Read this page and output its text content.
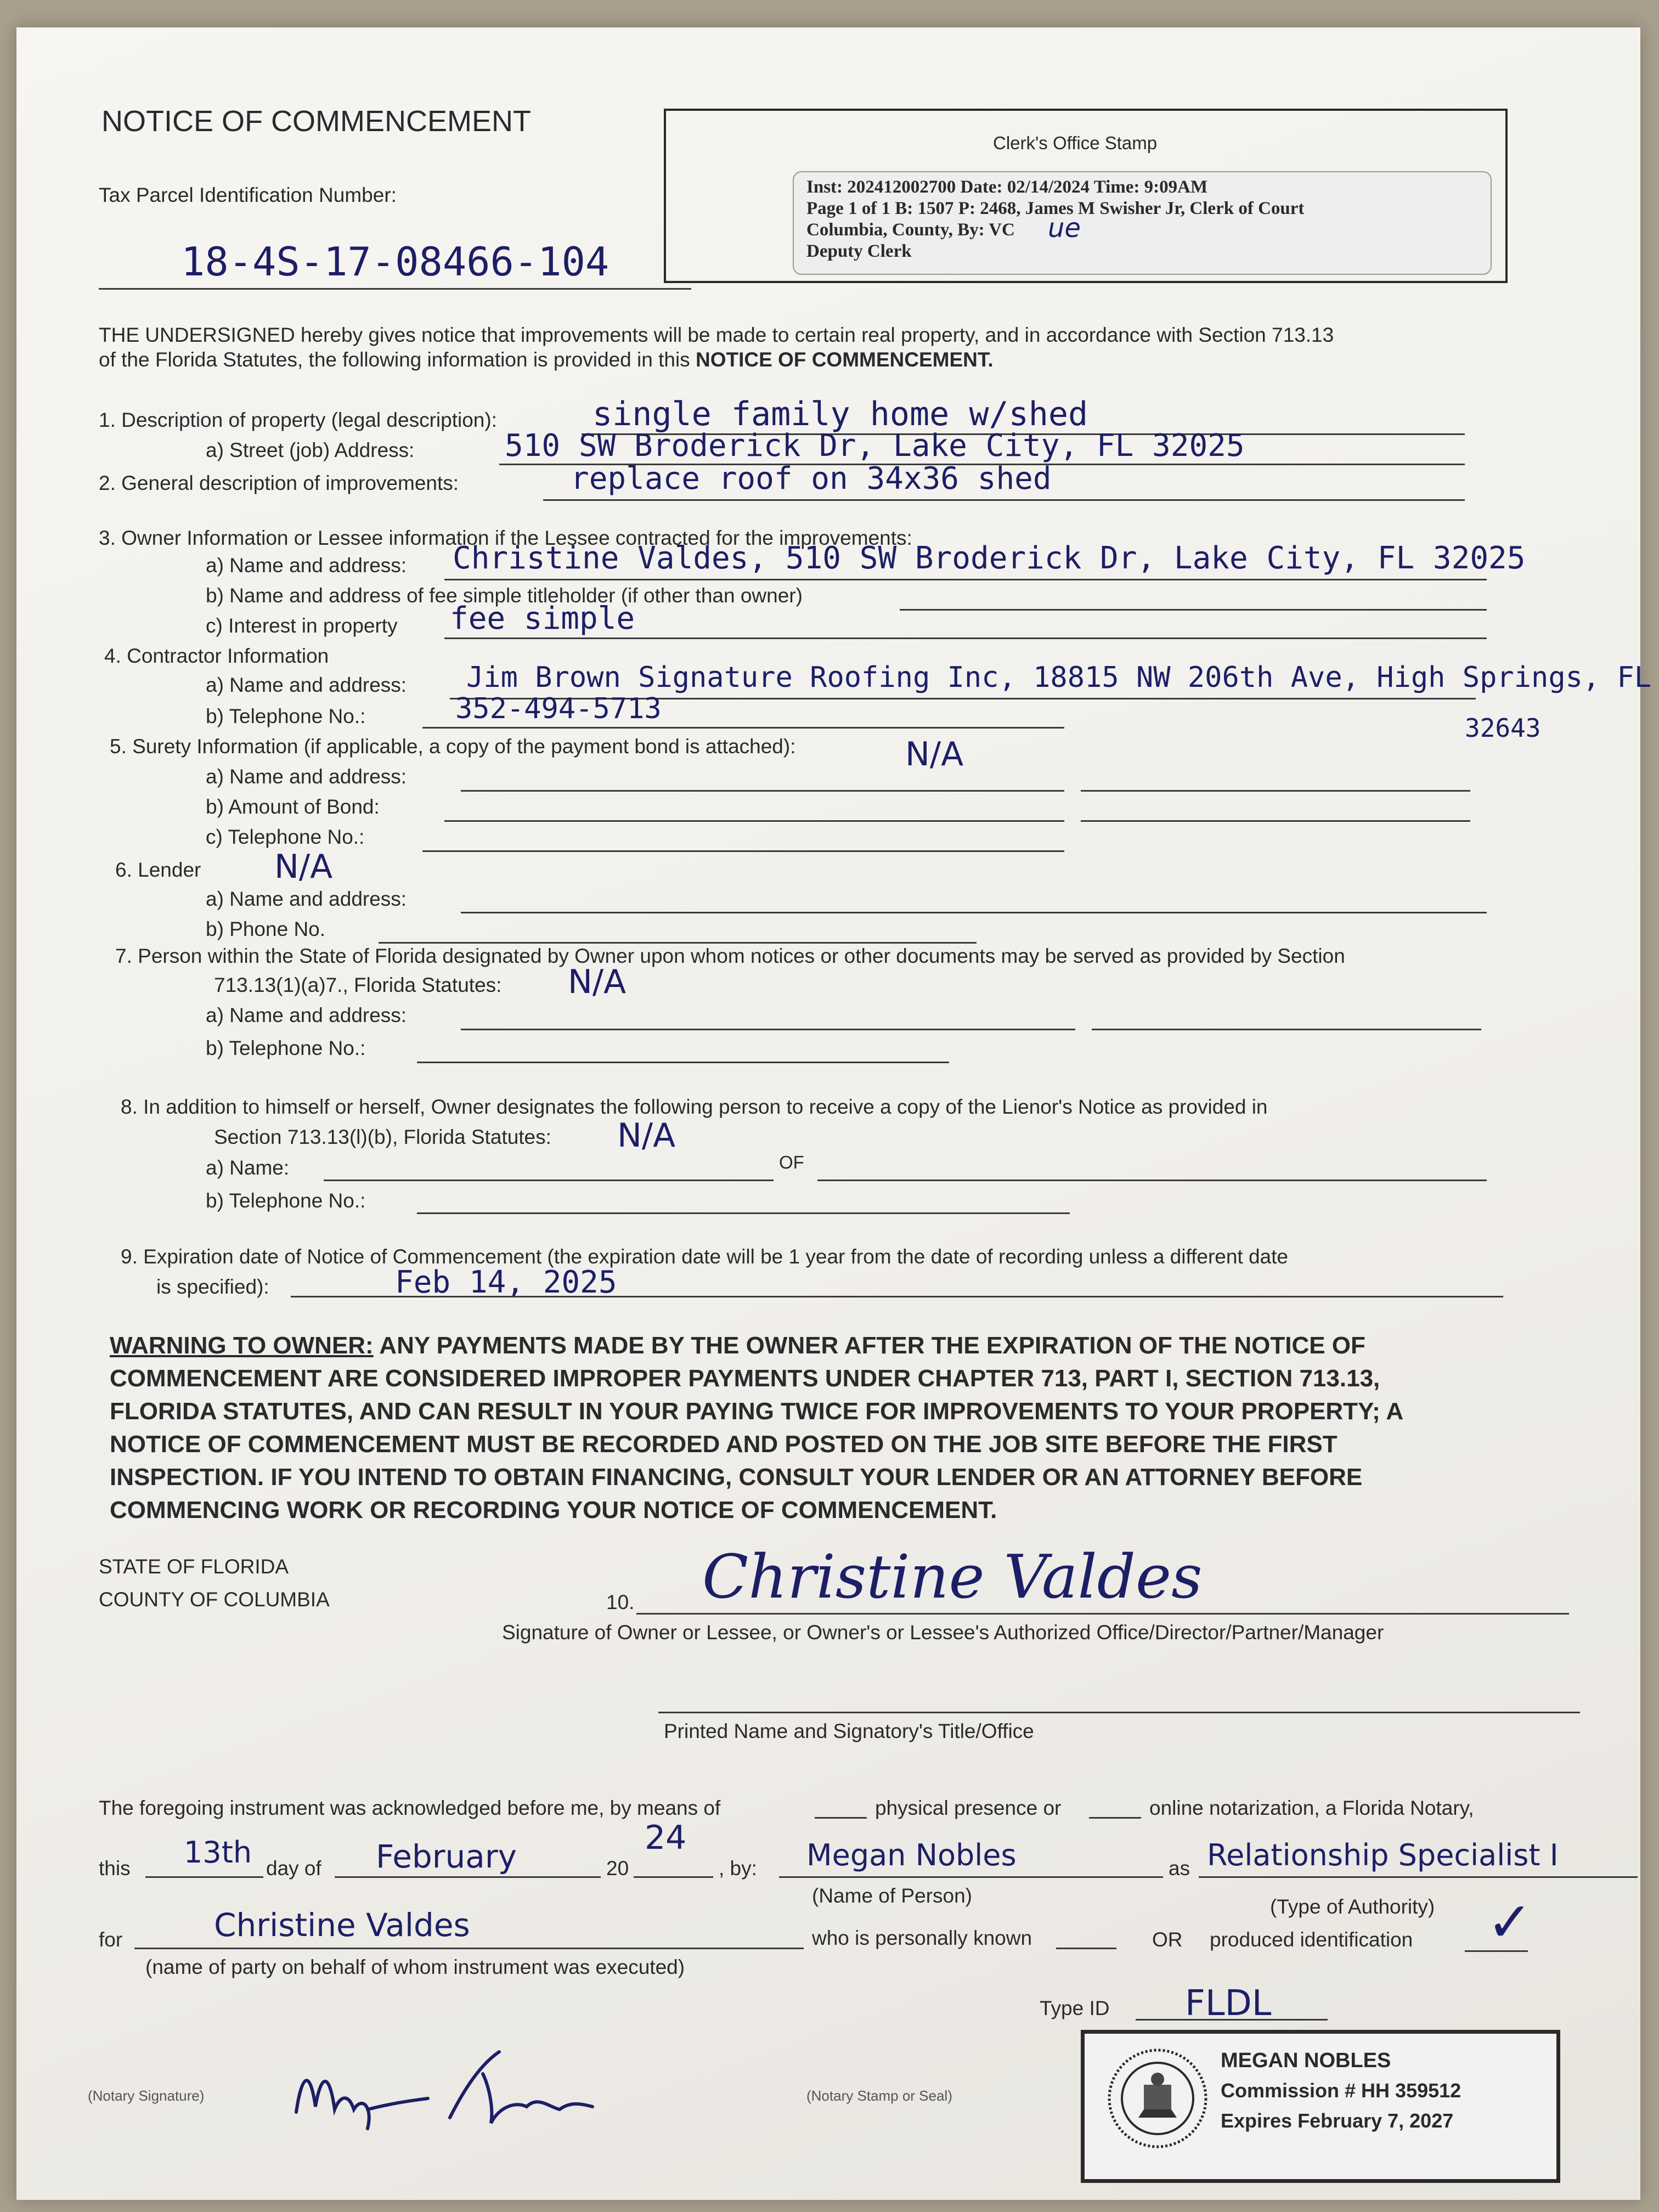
NOTICE OF COMMENCEMENT
Tax Parcel Identification Number:
18-4S-17-08466-104
Clerk's Office Stamp
Inst: 202412002700 Date: 02/14/2024 Time: 9:09AM
Page 1 of 1 B: 1507 P: 2468, James M Swisher Jr, Clerk of Court
Columbia, County, By: VC ue
Deputy Clerk
THE UNDERSIGNED hereby gives notice that improvements will be made to certain real property, and in accordance with Section 713.13
of the Florida Statutes, the following information is provided in this NOTICE OF COMMENCEMENT.
1. Description of property (legal description):	single family home w/shed
a) Street (job) Address:	510 SW Broderick Dr, Lake City, FL 32025
2. General description of improvements:	replace roof on 34x36 shed
3. Owner Information or Lessee information if the Lessee contracted for the improvements:
a) Name and address: Christine Valdes, 510 SW Broderick Dr, Lake City, FL 32025
b) Name and address of fee simple titleholder (if other than owner)
c) Interest in property fee simple
4. Contractor Information
a) Name and address: Jim Brown Signature Roofing Inc, 18815 NW 206th Ave, High Springs, FL
32643
b) Telephone No.:	352-494-5713
5. Surety Information (if applicable, a copy of the payment bond is attached):	N/A
a) Name and address:
b) Amount of Bond:
c) Telephone No.:
6. Lender N/A
a) Name and address:
b) Phone No.
7. Person within the State of Florida designated by Owner upon whom notices or other documents may be served as provided by Section
713.13(1)(a)7., Florida Statutes: N/A
a) Name and address:
b) Telephone No.:
8. In addition to himself or herself, Owner designates the following person to receive a copy of the Lienor's Notice as provided in
Section 713.13(l)(b), Florida Statutes: N/A
a) Name:	OF
b) Telephone No.:
9. Expiration date of Notice of Commencement (the expiration date will be 1 year from the date of recording unless a different date
is specified):	Feb 14, 2025
WARNING TO OWNER: ANY PAYMENTS MADE BY THE OWNER AFTER THE EXPIRATION OF THE NOTICE OF
COMMENCEMENT ARE CONSIDERED IMPROPER PAYMENTS UNDER CHAPTER 713, PART I, SECTION 713.13,
FLORIDA STATUTES, AND CAN RESULT IN YOUR PAYING TWICE FOR IMPROVEMENTS TO YOUR PROPERTY; A
NOTICE OF COMMENCEMENT MUST BE RECORDED AND POSTED ON THE JOB SITE BEFORE THE FIRST
INSPECTION. IF YOU INTEND TO OBTAIN FINANCING, CONSULT YOUR LENDER OR AN ATTORNEY BEFORE
COMMENCING WORK OR RECORDING YOUR NOTICE OF COMMENCEMENT.
STATE OF FLORIDA
COUNTY OF COLUMBIA	10. Christine Valdes
Signature of Owner or Lessee, or Owner's or Lessee's Authorized Office/Director/Partner/Manager
Printed Name and Signatory's Title/Office
The foregoing instrument was acknowledged before me, by means of	physical presence or	online notarization, a Florida Notary,
this 13th day of February	20
24
, by: Megan Nobles
(Name of Person)
as Relationship Specialist I
(Type of Authority)
for	Christine Valdes
(name of party on behalf of whom instrument was executed)
who is personally known	OR produced identification ✓
Type ID FLDL
(Notary Signature)	(Notary Stamp or Seal)
MEGAN NOBLES
Commission # HH 359512
Expires February 7, 2027
